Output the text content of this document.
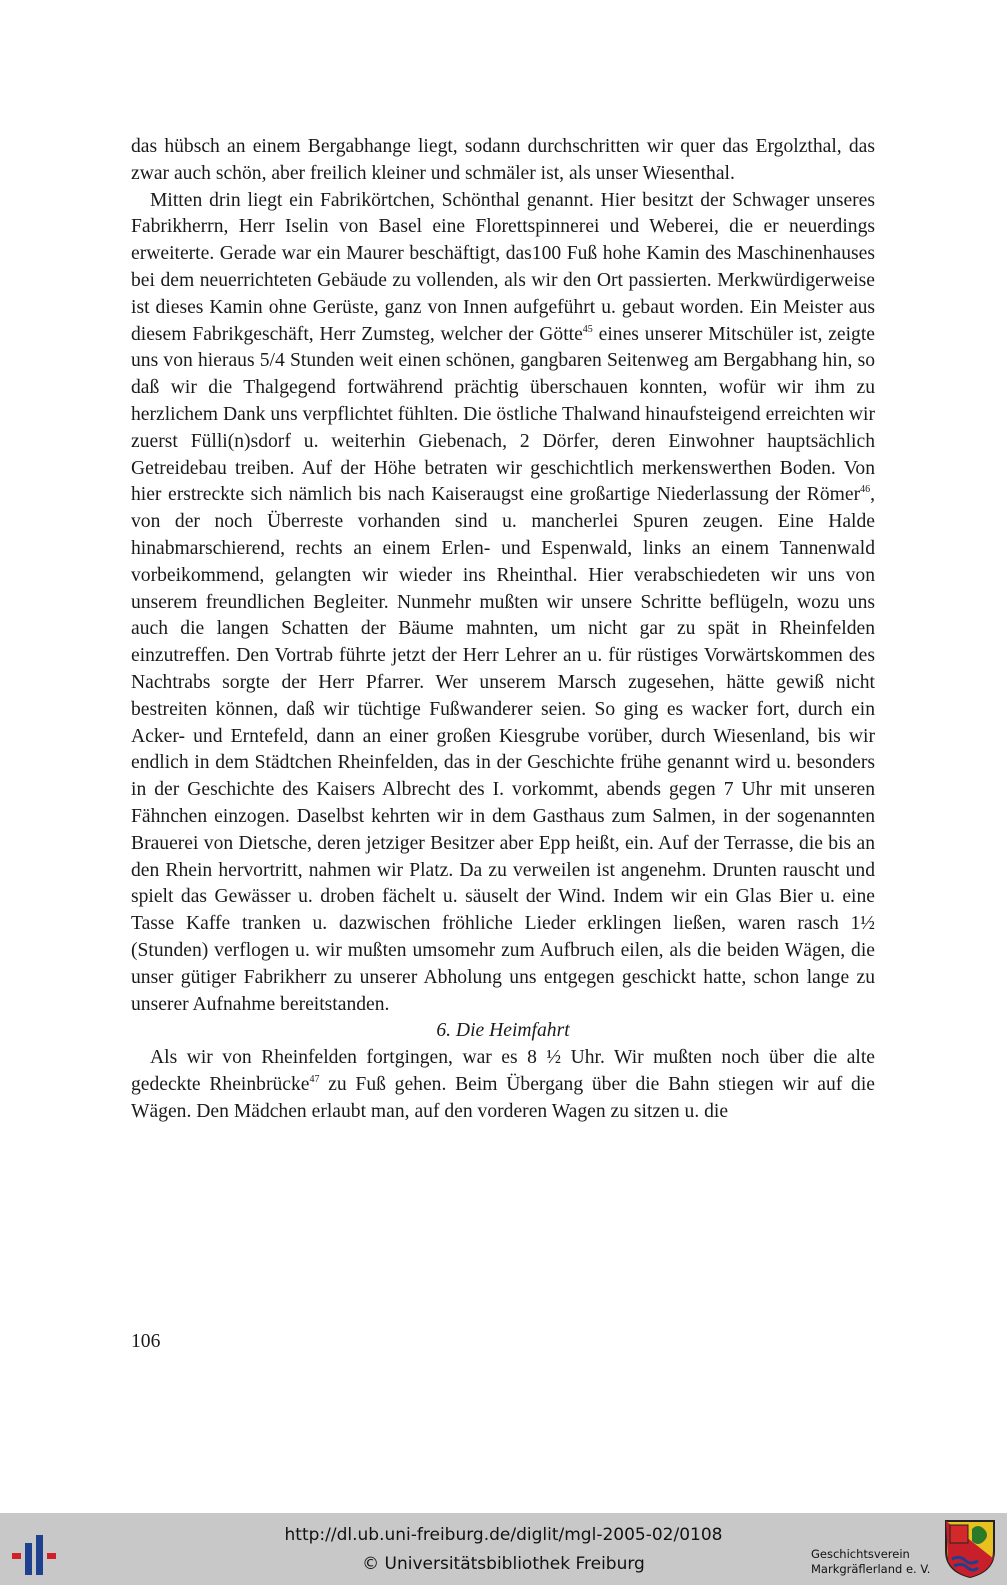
das hübsch an einem Bergabhange liegt, sodann durchschritten wir quer das Ergolzthal, das zwar auch schön, aber freilich kleiner und schmäler ist, als unser Wiesenthal.

Mitten drin liegt ein Fabrikörtchen, Schönthal genannt. Hier besitzt der Schwager unseres Fabrikherrn, Herr Iselin von Basel eine Florettspinnerei und Weberei, die er neuerdings erweiterte. Gerade war ein Maurer beschäftigt, das100 Fuß hohe Kamin des Maschinenhauses bei dem neuerrichteten Gebäude zu vollenden, als wir den Ort passierten. Merkwürdigerweise ist dieses Kamin ohne Gerüste, ganz von Innen aufgeführt u. gebaut worden. Ein Meister aus diesem Fabrikgeschäft, Herr Zumsteg, welcher der Götte$^{45}$ eines unserer Mitschüler ist, zeigte uns von hieraus 5/4 Stunden weit einen schönen, gangbaren Seitenweg am Bergabhang hin, so daß wir die Thalgegend fortwährend prächtig überschauen konnten, wofür wir ihm zu herzlichem Dank uns verpflichtet fühlten. Die östliche Thalwand hinaufsteigend erreichten wir zuerst Fülli(n)sdorf u. weiterhin Giebenach, 2 Dörfer, deren Einwohner hauptsächlich Getreidebau treiben. Auf der Höhe betraten wir geschichtlich merkenswerthen Boden. Von hier erstreckte sich nämlich bis nach Kaiseraugst eine großartige Niederlassung der Römer$^{46}$, von der noch Überreste vorhanden sind u. mancherlei Spuren zeugen. Eine Halde hinabmarschierend, rechts an einem Erlen- und Espenwald, links an einem Tannenwald vorbeikommend, gelangten wir wieder ins Rheinthal. Hier verabschiedeten wir uns von unserem freundlichen Begleiter. Nunmehr mußten wir unsere Schritte beflügeln, wozu uns auch die langen Schatten der Bäume mahnten, um nicht gar zu spät in Rheinfelden einzutreffen. Den Vortrab führte jetzt der Herr Lehrer an u. für rüstiges Vorwärtskommen des Nachtrabs sorgte der Herr Pfarrer. Wer unserem Marsch zugesehen, hätte gewiß nicht bestreiten können, daß wir tüchtige Fußwanderer seien. So ging es wacker fort, durch ein Acker- und Erntefeld, dann an einer großen Kiesgrube vorüber, durch Wiesenland, bis wir endlich in dem Städtchen Rheinfelden, das in der Geschichte frühe genannt wird u. besonders in der Geschichte des Kaisers Albrecht des I. vorkommt, abends gegen 7 Uhr mit unseren Fähnchen einzogen. Daselbst kehrten wir in dem Gasthaus zum Salmen, in der sogenannten Brauerei von Dietsche, deren jetziger Besitzer aber Epp heißt, ein. Auf der Terrasse, die bis an den Rhein hervortritt, nahmen wir Platz. Da zu verweilen ist angenehm. Drunten rauscht und spielt das Gewässer u. droben fächelt u. säuselt der Wind. Indem wir ein Glas Bier u. eine Tasse Kaffe tranken u. dazwischen fröhliche Lieder erklingen ließen, waren rasch 1½ (Stunden) verflogen u. wir mußten umsomehr zum Aufbruch eilen, als die beiden Wägen, die unser gütiger Fabrikherr zu unserer Abholung uns entgegen geschickt hatte, schon lange zu unserer Aufnahme bereitstanden.

6. Die Heimfahrt

Als wir von Rheinfelden fortgingen, war es 8 ½ Uhr. Wir mußten noch über die alte gedeckte Rheinbrücke$^{47}$ zu Fuß gehen. Beim Übergang über die Bahn stiegen wir auf die Wägen. Den Mädchen erlaubt man, auf den vorderen Wagen zu sitzen u. die

106
http://dl.ub.uni-freiburg.de/diglit/mgl-2005-02/0108
© Universitätsbibliothek Freiburg	Geschichtsverein
Markgräflerland e. V.
